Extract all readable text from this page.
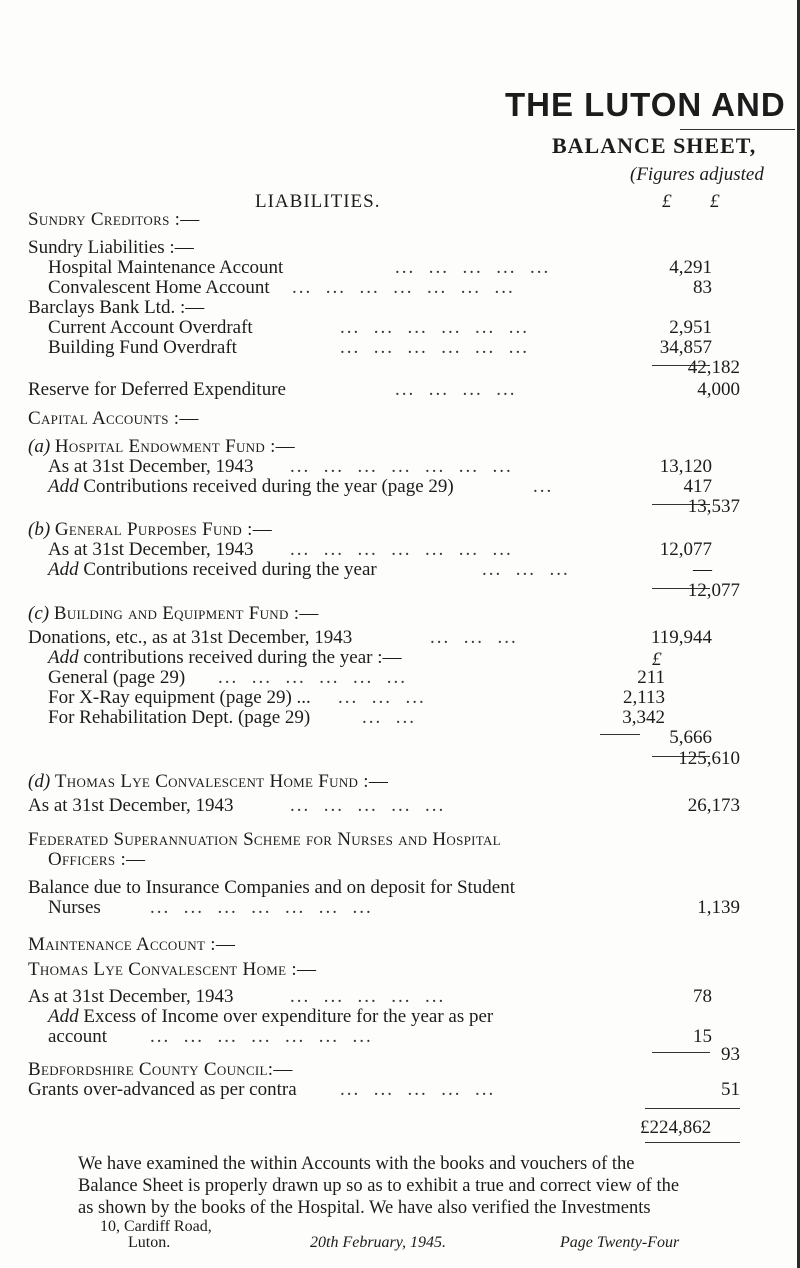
THE LUTON AND
BALANCE SHEET,
(Figures adjusted
LIABILITIES.	£ £
Sundry Creditors :—
Sundry Liabilities :—
Hospital Maintenance Account	...  ...  ...  ...  ...	4,291
Convalescent Home Account ...  ...  ...  ...  ...  ...  ...	83
Barclays Bank Ltd. :—
Current Account Overdraft	...  ...  ...  ...  ...  ...	2,951
Building Fund Overdraft	...  ...  ...  ...  ...  ...	34,857
42,182
Reserve for Deferred Expenditure	...  ...  ...  ...	4,000
Capital Accounts :—
(a) Hospital Endowment Fund :—
As at 31st December, 1943 ...  ...  ...  ...  ...  ...  ...	13,120
Add Contributions received during the year (page 29)	...	417
13,537
(b) General Purposes Fund :—
As at 31st December, 1943 ...  ...  ...  ...  ...  ...  ...	12,077
Add Contributions received during the year	...  ...  ...	—
12,077
(c) Building and Equipment Fund :—
Donations, etc., as at 31st December, 1943	...  ...  ...	119,944
Add contributions received during the year :—	£
General (page 29) ...  ...  ...  ...  ...  ...	211
For X-Ray equipment (page 29) ... ...  ...  ...	2,113
For Rehabilitation Dept. (page 29)	...  ...	3,342
5,666
125,610
(d) Thomas Lye Convalescent Home Fund :—
As at 31st December, 1943	...  ...  ...  ...  ...	26,173
Federated Superannuation Scheme for Nurses and Hospital
Officers :—
Balance due to Insurance Companies and on deposit for Student
Nurses	...  ...  ...  ...  ...  ...  ...	1,139
Maintenance Account :—
Thomas Lye Convalescent Home :—
As at 31st December, 1943	...  ...  ...  ...  ...	78
Add Excess of Income over expenditure for the year as per
account ...  ...  ...  ...  ...  ...  ...	15
93
Bedfordshire County Council:—
Grants over-advanced as per contra ...  ...  ...  ...  ...	51
£224,862
We have examined the within Accounts with the books and vouchers of the
Balance Sheet is properly drawn up so as to exhibit a true and correct view of the
as shown by the books of the Hospital. We have also verified the Investments
10, Cardiff Road,
Luton.	20th February, 1945.	Page Twenty-Four
